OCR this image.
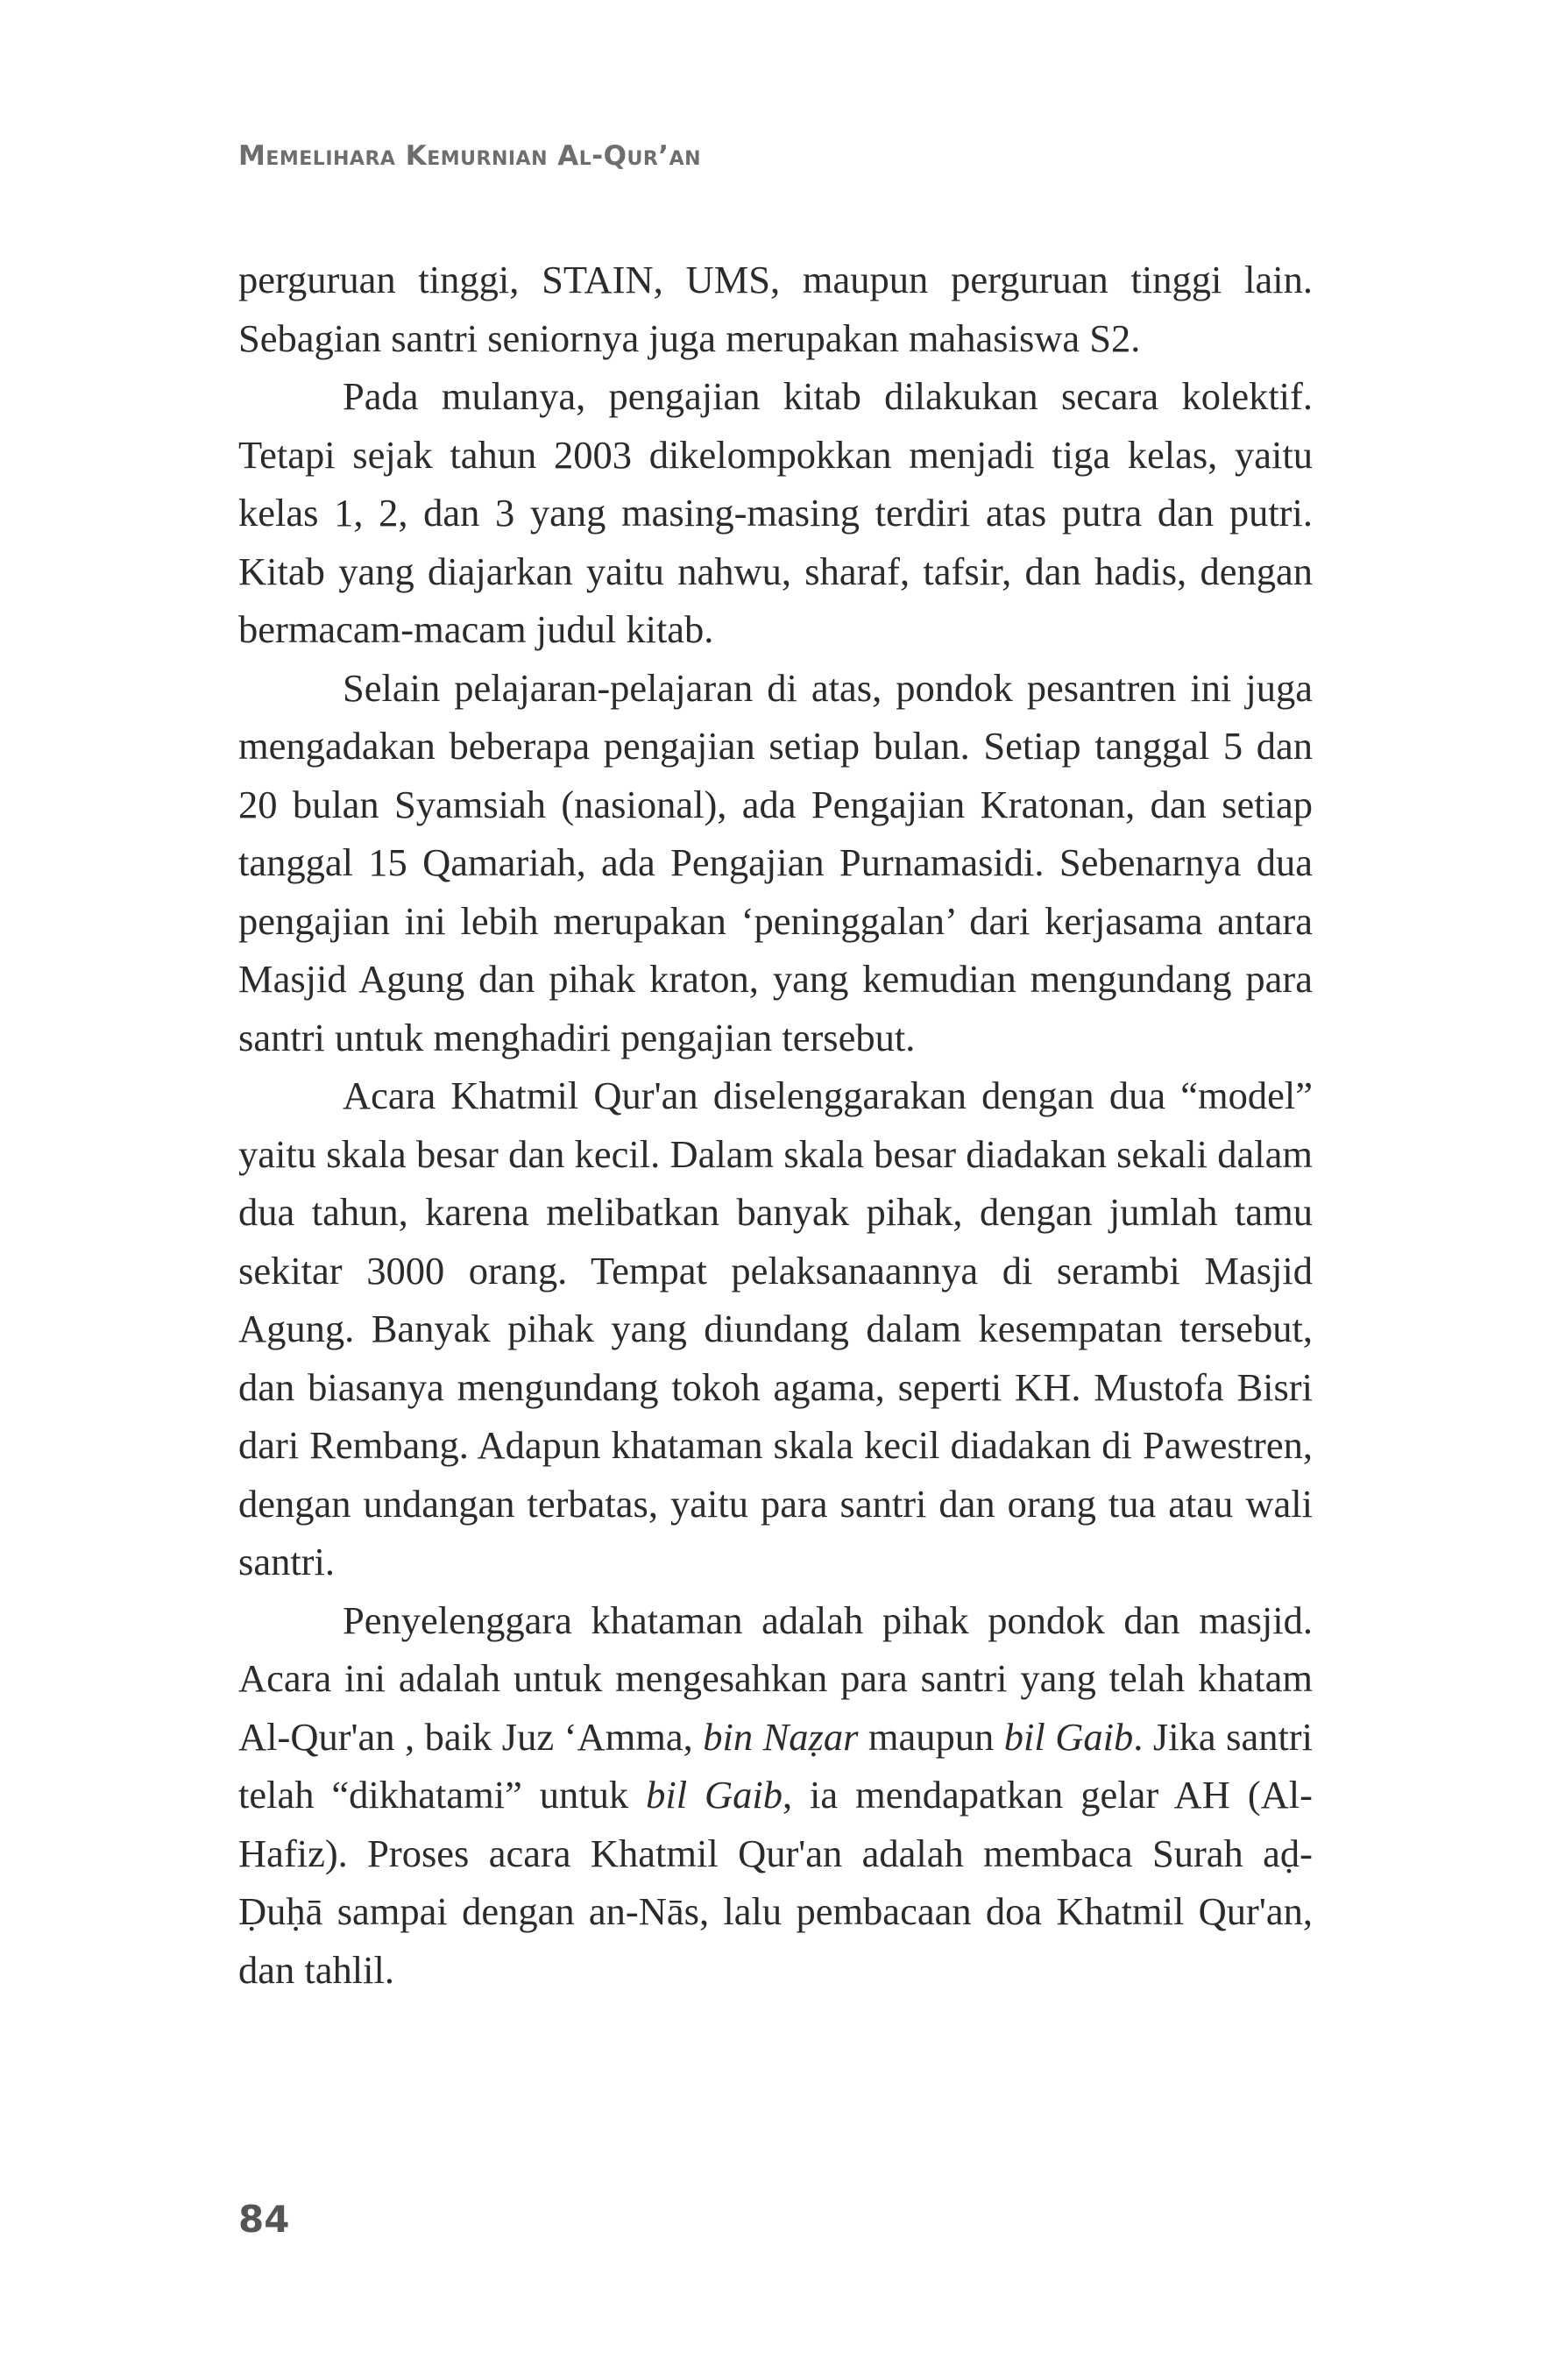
Memelihara Kemurnian Al-Qur’an

perguruan tinggi, STAIN, UMS, maupun perguruan tinggi lain. Sebagian santri seniornya juga merupakan mahasiswa S2.

Pada mulanya, pengajian kitab dilakukan secara kolektif. Tetapi sejak tahun 2003 dikelompokkan menjadi tiga kelas, yaitu kelas 1, 2, dan 3 yang masing-masing terdiri atas putra dan putri. Kitab yang diajarkan yaitu nahwu, sharaf, tafsir, dan hadis, dengan bermacam-macam judul kitab.

Selain pelajaran-pelajaran di atas, pondok pesantren ini juga mengadakan beberapa pengajian setiap bulan. Setiap tanggal 5 dan 20 bulan Syamsiah (nasional), ada Pengajian Kratonan, dan setiap tanggal 15 Qamariah, ada Pengajian Purnamasidi. Sebenarnya dua pengajian ini lebih merupakan ‘peninggalan’ dari kerjasama antara Masjid Agung dan pihak kraton, yang kemudian mengundang para santri untuk menghadiri pengajian tersebut.

Acara Khatmil Qur'an diselenggarakan dengan dua “model” yaitu skala besar dan kecil. Dalam skala besar diadakan sekali dalam dua tahun, karena melibatkan banyak pihak, dengan jumlah tamu sekitar 3000 orang. Tempat pelaksanaannya di serambi Masjid Agung. Banyak pihak yang diundang dalam kesempatan tersebut, dan biasanya mengundang tokoh agama, seperti KH. Mustofa Bisri dari Rembang. Adapun khataman skala kecil diadakan di Pawestren, dengan undangan terbatas, yaitu para santri dan orang tua atau wali santri.

Penyelenggara khataman adalah pihak pondok dan masjid. Acara ini adalah untuk mengesahkan para santri yang telah khatam Al-Qur'an , baik Juz ‘Amma, bin Naẓar maupun bil Gaib. Jika santri telah “dikhatami” untuk bil Gaib, ia mendapatkan gelar AH (Al-Hafiz). Proses acara Khatmil Qur'an adalah membaca Surah aḍ-Ḍuḥā sampai dengan an-Nās, lalu pembacaan doa Khatmil Qur'an, dan tahlil.

84
